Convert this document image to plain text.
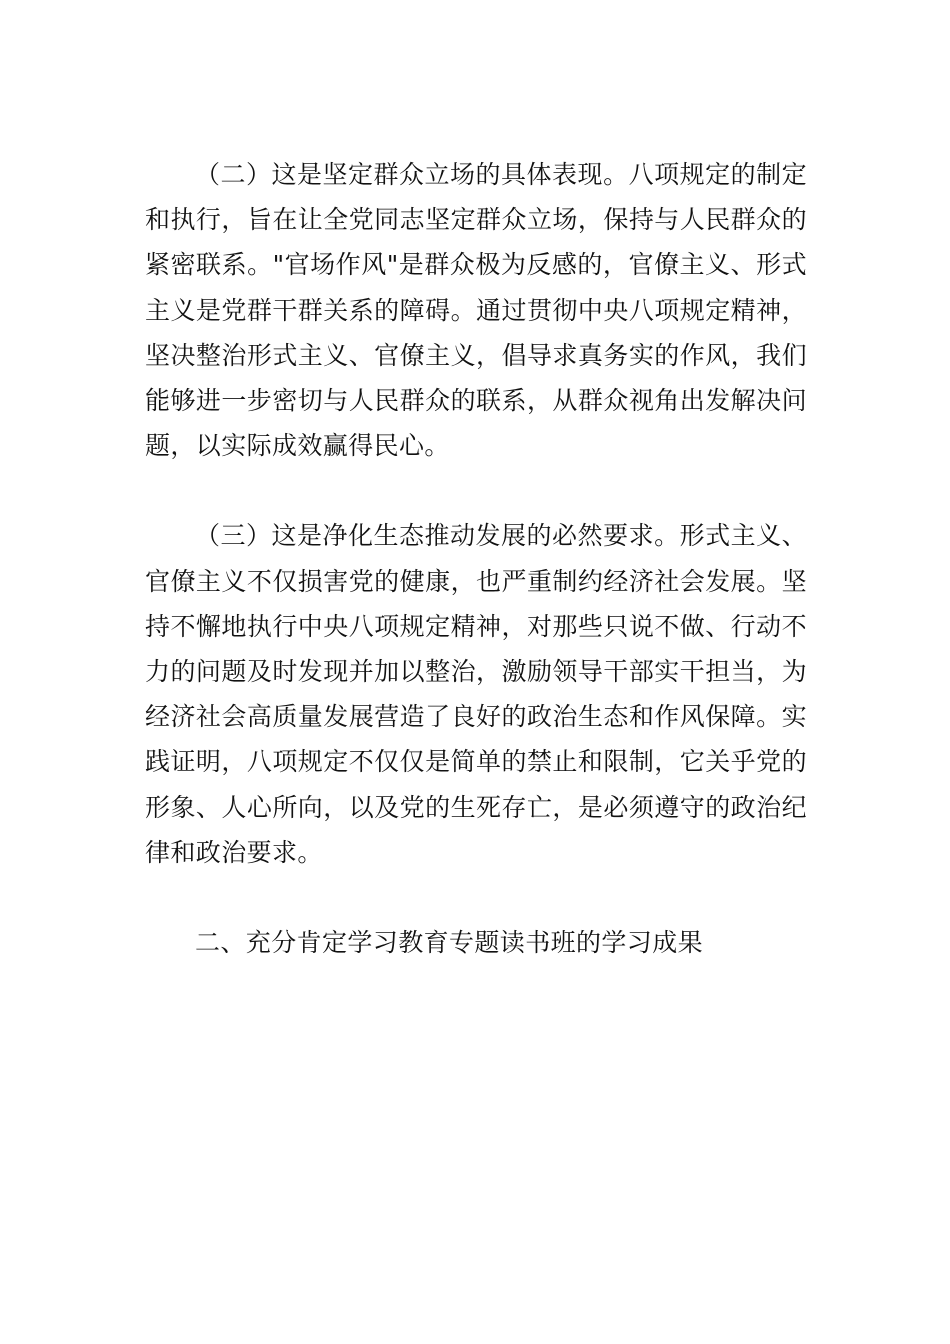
（二）这是坚定群众立场的具体表现。八项规定的制定和执行，旨在让全党同志坚定群众立场，保持与人民群众的紧密联系。"官场作风"是群众极为反感的，官僚主义、形式主义是党群干群关系的障碍。通过贯彻中央八项规定精神，坚决整治形式主义、官僚主义，倡导求真务实的作风，我们能够进一步密切与人民群众的联系，从群众视角出发解决问题，以实际成效赢得民心。

（三）这是净化生态推动发展的必然要求。形式主义、官僚主义不仅损害党的健康，也严重制约经济社会发展。坚持不懈地执行中央八项规定精神，对那些只说不做、行动不力的问题及时发现并加以整治，激励领导干部实干担当，为经济社会高质量发展营造了良好的政治生态和作风保障。实践证明，八项规定不仅仅是简单的禁止和限制，它关乎党的形象、人心所向，以及党的生死存亡，是必须遵守的政治纪律和政治要求。

二、充分肯定学习教育专题读书班的学习成果
